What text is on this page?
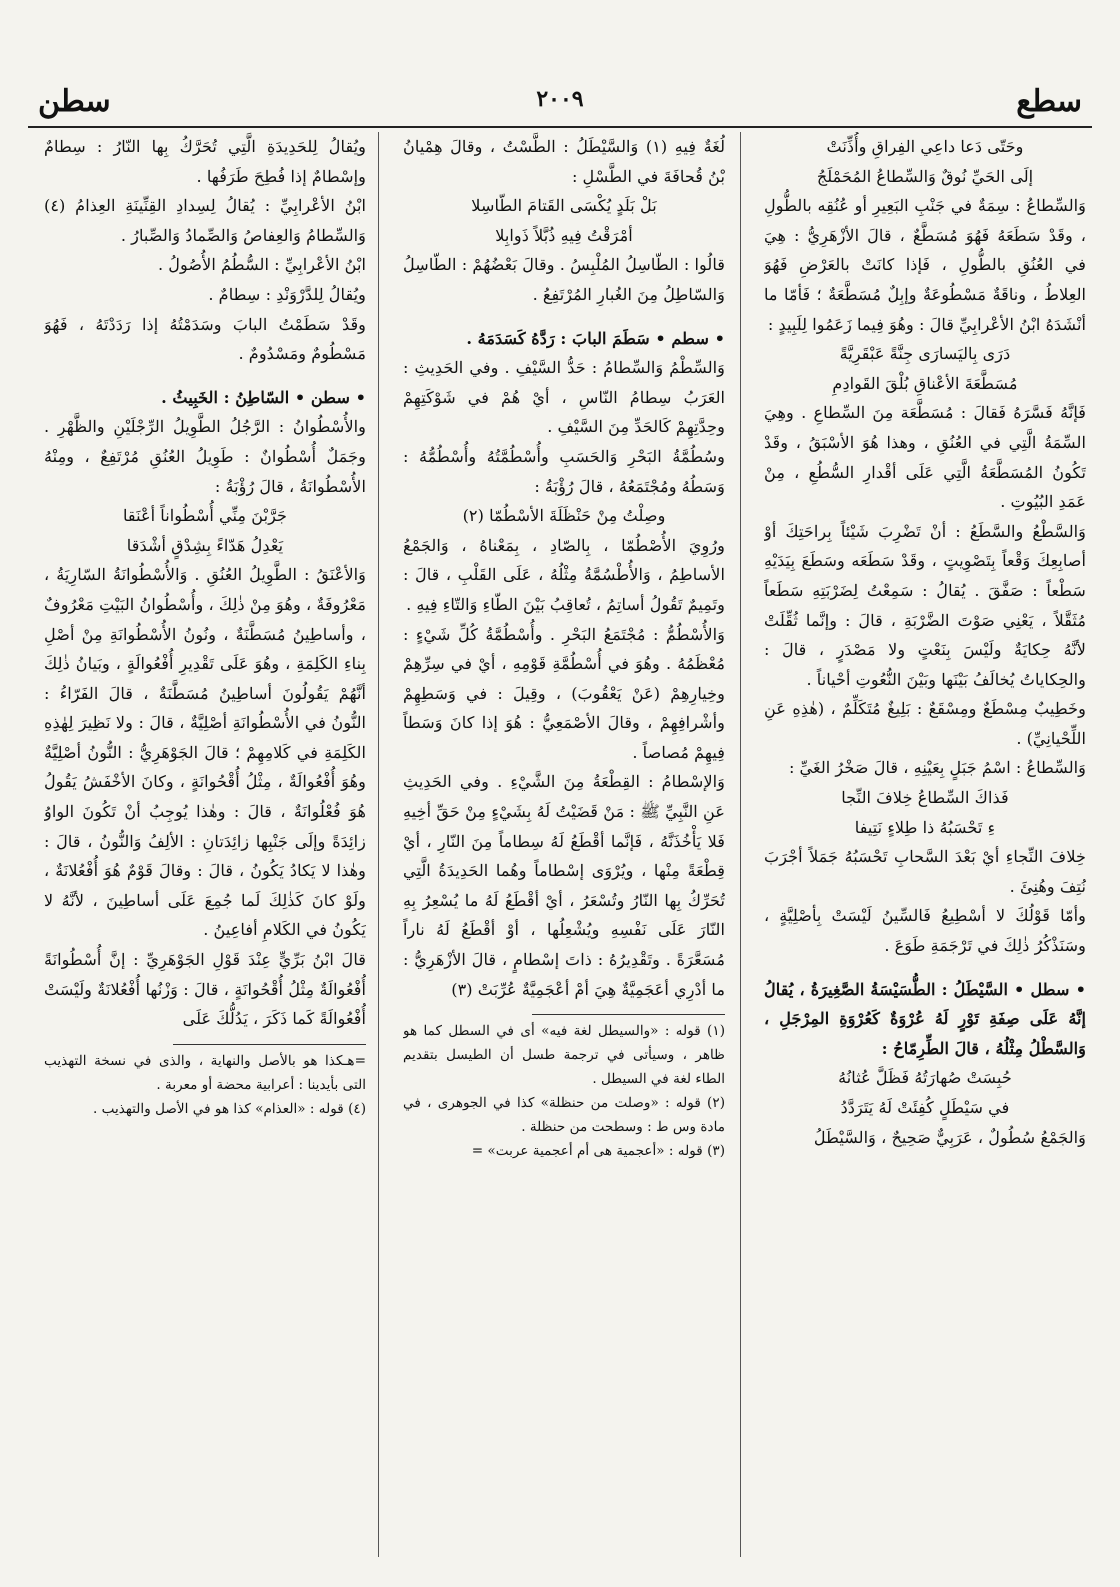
سطع
٢٠٠٩
سطن

وحَتّى دَعا داعِي الفِراقِ وأُذِّنَتْ

إلَى الحَيِّ نُوقٌ وَالسِّطاعُ المُحَمْلَجُ

وَالسِّطاعُ : سِمَةٌ في جَنْبِ البَعِيرِ أو عُنُقِه بالطُّولِ ، وقَدْ سَطَعَهُ فَهُوَ مُسَطَّعٌ ، قالَ الأزْهَرِيُّ : هِيَ في العُنُقِ بالطُّولِ ، فَإذا كانَتْ بالعَرْضِ فَهُوَ العِلاطُ ، وناقَةٌ مَسْطُوعَةٌ وإبِلٌ مُسَطَّعَةٌ ؛ فَأمّا ما أنْشَدَهُ ابْنُ الأعْرابِيِّ قالَ : وهُوَ فِيما زَعَمُوا لِلَبِيدٍ :

دَرَى بِاليَسارَى جِنَّةً عَبْقَرِيَّةً

مُسَطَّعَةَ الأعْناقِ بُلْقَ القَوادِمِ

فَإنَّهُ فَسَّرَهُ فَقالَ : مُسَطَّعَة مِنَ السِّطاعِ . وهِيَ السِّمَةُ الَّتِي في العُنُقِ ، وهذا هُوَ الأسْبَقُ ، وقَدْ تَكُونُ المُسَطَّعَةُ الَّتِي عَلَى أقْدارِ السُّطُعِ ، مِنْ عَمَدِ البُيُوتِ .

وَالسَّطْعُ والسَّطَعُ : أنْ تَضْرِبَ شَيْئاً بِراحَتِكَ أوْ أصابِعِكَ وَقْعاً بِتَصْوِيتٍ ، وقَدْ سَطَعَه وسَطَعَ بِيَدَيْهِ سَطْعاً : صَفَّقَ . يُقالُ : سَمِعْتُ لِضَرْبَتِهِ سَطَعاً مُثَقَّلاً ، يَعْنِي صَوْتَ الضَّرْبَةِ ، قالَ : وإنَّما ثُقِّلَتْ لأنَّهُ حِكايَةٌ ولَيْسَ بِنَعْتٍ ولا مَصْدَرٍ ، قالَ : والحِكاياتُ يُخالَفُ بَيْنَها وبَيْنَ النُّعُوتِ أحْياناً .

وخَطِيبٌ مِسْطَعٌ ومِسْقَعٌ : بَلِيغٌ مُتَكَلِّمٌ ، (هٰذِهِ عَنِ اللِّحْيانِيِّ) .

وَالسِّطاعُ : اسْمُ جَبَلٍ بِعَيْنِهِ ، قالَ صَخْرُ الغَيِّ :

فَذاكَ السِّطاعُ خِلافَ النِّجا

ءِ تَحْسَبُهُ ذا طِلاءٍ نَتِيفا

خِلافَ النِّجاءِ أيْ بَعْدَ السَّحابِ تَحْسَبُهُ جَمَلاً أجْرَبَ نُتِفَ وهُنِئَ .

وأمّا قَوْلُكَ لا أسْطِيعُ فَالسِّينُ لَيْسَتْ بِأصْلِيَّةٍ ، وسَنَذْكُرُ ذٰلِكَ في تَرْجَمَةِ طَوَعَ .

• سطل • السَّيْطَلُ : الطُّسَيْسَةُ الصَّغِيرَةُ ، يُقالُ إنَّهُ عَلَى صِفَةِ تَوْرٍ لَهُ عُرْوَةٌ كَعُرْوَةِ المِرْجَلِ ، وَالسَّطْلُ مِثْلُهُ ، قالَ الطِّرِمّاحُ :

حُبِسَتْ صُهارَتُهُ فَظَلَّ عُثانُهُ

في سَيْطَلٍ كُفِئَتْ لَهُ يَتَرَدَّدُ

وَالجَمْعُ سُطُولٌ ، عَرَبِيٌّ صَحِيحٌ ، وَالسَّيْطَلُ

لُغَةٌ فِيهِ (١) وَالسَّيْطَلُ : الطَّسْتُ ، وقالَ هِمْيانُ بْنُ قُحافَةَ في الطَّسْلِ :

بَلْ بَلَدٍ يُكْسَى القَتامَ الطّاسِلا

أمْرَقْتُ فِيهِ ذُبَّلاً ذَوابِلا

قالُوا : الطّاسِلُ المُلْبِسُ . وقالَ بَعْضُهُمْ : الطّاسِلُ وَالسّاطِلُ مِنَ الغُبارِ المُرْتَفِعُ .

• سطم • سَطَمَ البابَ : رَدَّهُ كَسَدَمَهُ .

وَالسِّطْمُ وَالسِّطامُ : حَدُّ السَّيْفِ . وفي الحَدِيثِ : العَرَبُ سِطامُ النّاسِ ، أيْ هُمْ في شَوْكَتِهِمْ وحِدَّتِهِمْ كَالحَدِّ مِنَ السَّيْفِ .

وسُطُمَّةُ البَحْرِ وَالحَسَبِ وأُسْطُمَّتُهُ وأُسْطُمُّهُ : وَسَطُهُ ومُجْتَمَعُهُ ، قالَ رُؤْبَةُ :

وصِلْتُ مِنْ حَنْظَلَةَ الأسْطُمّا (٢)

ورُوِيَ الأُصْطُمّا ، بِالصّادِ ، بِمَعْناهُ ، وَالجَمْعُ الأساطِمُ ، وَالأُطْسُمَّةُ مِثْلُهُ ، عَلَى القَلْبِ ، قالَ : وتَمِيمٌ تَقُولُ أساتِمُ ، تُعاقِبُ بَيْنَ الطّاءِ وَالتّاءِ فِيهِ .

وَالأُسْطُمُّ : مُجْتَمَعُ البَحْرِ . وأُسْطُمَّةُ كُلِّ شَيْءٍ : مُعْظَمُهُ . وهُوَ في أُسْطُمَّةِ قَوْمِهِ ، أيْ في سِرِّهِمْ وخِيارِهِمْ (عَنْ يَعْقُوبَ) ، وقِيلَ : في وَسَطِهِمْ وأشْرافِهِمْ ، وقالَ الأصْمَعِيُّ : هُوَ إذا كانَ وَسَطاً فِيهِمْ مُصاصاً .

وَالإسْطامُ : القِطْعَةُ مِنَ الشَّيْءِ . وفي الحَدِيثِ عَنِ النَّبِيِّ ﷺ : مَنْ قَضَيْتُ لَهُ بِشَيْءٍ مِنْ حَقِّ أخِيهِ فَلا يَأْخُذَنَّهُ ، فَإنَّما أقْطَعُ لَهُ سِطاماً مِنَ النّارِ ، أيْ قِطْعَةً مِنْها ، ويُرْوَى إسْطاماً وهُما الحَدِيدَةُ الَّتِي تُحَرِّكُ بِها النّارُ وتُسْعَرُ ، أيْ أقْطَعُ لَهُ ما يُسْعِرُ بِهِ النّارَ عَلَى نَفْسِهِ ويُشْعِلُها ، أوْ أقْطَعُ لَهُ ناراً مُسَعَّرَةً . وتَقْدِيرُهُ : ذاتَ إسْطامٍ ، قالَ الأزْهَرِيُّ : ما أدْرِي أعَجَمِيَّةٌ هِيَ أمْ أعْجَمِيَّةٌ عُرِّبَتْ (٣)

(١) قوله : «والسيطل لغة فيه» أى في السطل كما هو ظاهر ، وسيأتى في ترجمة طسل أن الطيسل بتقديم الطاء لغة في السيطل .

(٢) قوله : «وصلت من حنظلة» كذا في الجوهرى ، في مادة وس ط : وسطحت من حنظلة .

(٣) قوله : «أعجمية هى أم أعجمية عربت» =

ويُقالُ لِلحَدِيدَةِ الَّتِي تُحَرَّكُ بِها النّارُ : سِطامٌ وإسْطامٌ إذا فُطِحَ طَرَفُها .

ابْنُ الأعْرابِيِّ : يُقالُ لِسِدادِ القِنِّينَةِ العِذامُ (٤) وَالسِّطامُ وَالعِفاصُ وَالصِّمادُ وَالصِّبارُ .

ابْنُ الأعْرابِيِّ : السُّطُمُ الأُصُولُ .

ويُقالُ لِلدَّرْوَنْدِ : سِطامٌ .

وقَدْ سَطَمْتُ البابَ وسَدَمْتُهُ إذا رَدَدْتَهُ ، فَهُوَ مَسْطُومٌ ومَسْدُومٌ .

• سطن • السّاطِنُ : الخَبِيثُ .

والأُسْطُوانُ : الرَّجُلُ الطَّوِيلُ الرِّجْلَيْنِ والظَّهْرِ . وجَمَلٌ أُسْطُوانٌ : طَوِيلُ العُنُقِ مُرْتَفِعٌ ، ومِنْهُ الأُسْطُوانَةُ ، قالَ رُؤْبَةُ :

جَرَّبْنَ مِنِّي أُسْطُواناً أعْنَقا

يَعْدِلُ هَدّاءً بِشِدْقٍ أشْدَقا

وَالأعْنَقُ : الطَّوِيلُ العُنُقِ . وَالأُسْطُوانَةُ السّارِيَةُ ، مَعْرُوفَةٌ ، وهُوَ مِنْ ذٰلِكَ ، وأُسْطُوانُ البَيْتِ مَعْرُوفٌ ، وأساطِينُ مُسَطَّنَةٌ ، ونُونُ الأُسْطُوانَةِ مِنْ أصْلِ بِناءِ الكَلِمَةِ ، وهُوَ عَلَى تَقْدِيرِ أُفْعُوالَةٍ ، وبَيانُ ذٰلِكَ أنَّهُمْ يَقُولُونَ أساطِينُ مُسَطَّنَةٌ ، قالَ الفَرّاءُ : النُّونُ في الأُسْطُوانَةِ أصْلِيَّةٌ ، قالَ : ولا نَظِيرَ لِهٰذِهِ الكَلِمَةِ في كَلامِهِمْ ؛ قالَ الجَوْهَرِيُّ : النُّونُ أصْلِيَّةٌ وهُوَ أُفْعُوالَةٌ ، مِثْلُ أُقْحُوانَةٍ ، وكانَ الأخْفَشُ يَقُولُ هُوَ فُعْلُوانَةٌ ، قالَ : وهٰذا يُوجِبُ أنْ تَكُونَ الواوُ زائِدَةً وإلَى جَنْبِها زائِدَتانِ : الألِفُ وَالنُّونُ ، قالَ : وهٰذا لا يَكادُ يَكُونُ ، قالَ : وقالَ قَوْمٌ هُوَ أُفْعُلانَةٌ ، ولَوْ كانَ كَذٰلِكَ لَما جُمِعَ عَلَى أساطِينَ ، لأنَّهُ لا يَكُونُ في الكَلامِ أفاعِينُ .

قالَ ابْنُ بَرِّيٍّ عِنْدَ قَوْلِ الجَوْهَرِيِّ : إنَّ أُسْطُوانَةً أُفْعُوالَةٌ مِثْلُ أُقْحُوانَةٍ ، قالَ : وَزْنُها أُفْعُلانَةٌ ولَيْسَتْ أُفْعُوالَةً كَما ذَكَرَ ، يَدُلُّكَ عَلَى

=هـكذا هو بالأصل والنهاية ، والذى في نسخة التهذيب التى بأيدينا : أعرابية محضة أو معربة .

(٤) قوله : «العذام» كذا هو في الأصل والتهذيب .
